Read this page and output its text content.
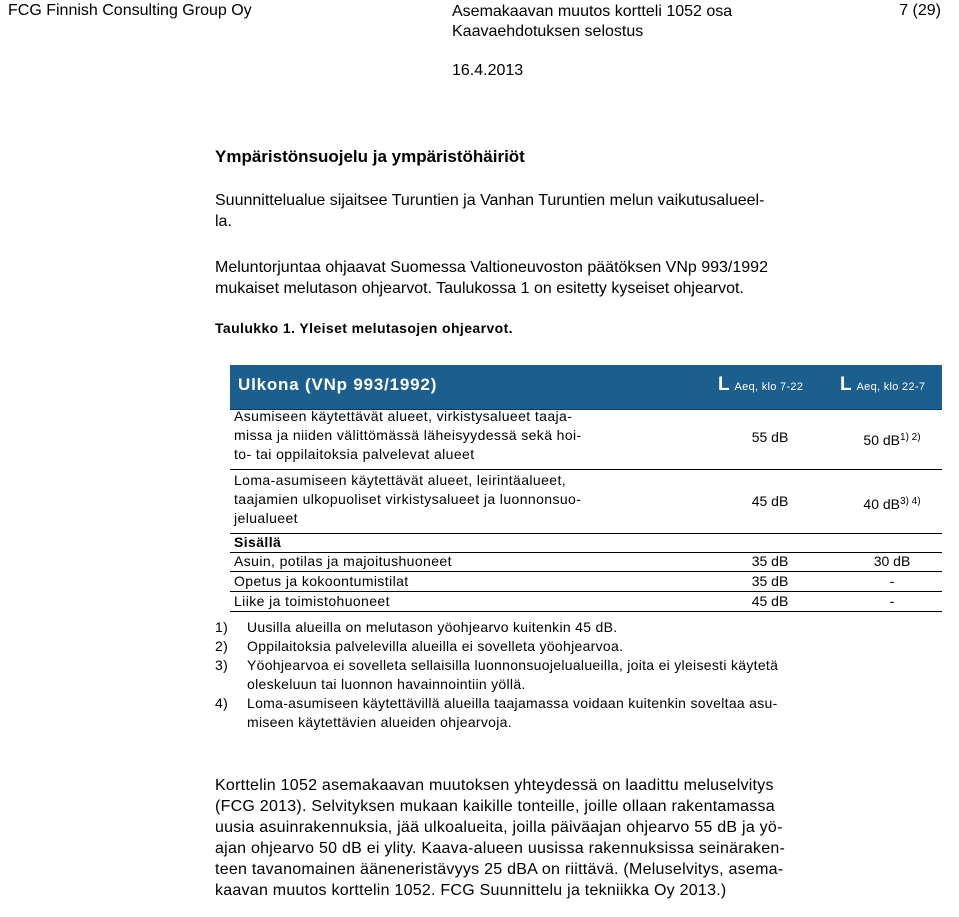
FCG Finnish Consulting Group Oy	Asemakaavan muutos kortteli 1052 osa
Kaavaehdotuksen selostus
7 (29)
16.4.2013
Ympäristönsuojelu ja ympäristöhäiriöt
Suunnittelualue sijaitsee Turuntien ja Vanhan Turuntien melun vaikutusalueel-
la.
Meluntorjuntaa ohjaavat Suomessa Valtioneuvoston päätöksen VNp 993/1992
mukaiset melutason ohjearvot. Taulukossa 1 on esitetty kyseiset ohjearvot.
Taulukko 1. Yleiset melutasojen ohjearvot.
Ulkona (VNp 993/1992)	L Aeq, klo 7-22 L Aeq, klo 22-7
Asumiseen käytettävät alueet, virkistysalueet taaja-
missa ja niiden välittömässä läheisyydessä sekä hoi-
to- tai oppilaitoksia palvelevat alueet
55 dB	50 $dB^{1) 2)}$
Loma-asumiseen käytettävät alueet, leirintäalueet,
taajamien ulkopuoliset virkistysalueet ja luonnonsuo-
jelualueet
45 dB	40 $dB^{3) 4)}$
Sisällä
Asuin, potilas ja majoitushuoneet	35 dB	30 dB
Opetus ja kokoontumistilat	35 dB	-
Liike ja toimistohuoneet	45 dB	-
1) Uusilla alueilla on melutason yöohjearvo kuitenkin 45 dB.
2) Oppilaitoksia palvelevilla alueilla ei sovelleta yöohjearvoa.
3) Yöohjearvoa ei sovelleta sellaisilla luonnonsuojelualueilla, joita ei yleisesti käytetä
oleskeluun tai luonnon havainnointiin yöllä.
4) Loma-asumiseen käytettävillä alueilla taajamassa voidaan kuitenkin soveltaa asu-
miseen käytettävien alueiden ohjearvoja.
Korttelin 1052 asemakaavan muutoksen yhteydessä on laadittu meluselvitys
(FCG 2013). Selvityksen mukaan kaikille tonteille, joille ollaan rakentamassa
uusia asuinrakennuksia, jää ulkoalueita, joilla päiväajan ohjearvo 55 dB ja yö-
ajan ohjearvo 50 dB ei ylity. Kaava-alueen uusissa rakennuksissa seinäraken-
teen tavanomainen ääneneristävyys 25 dBA on riittävä. (Meluselvitys, asema-
kaavan muutos korttelin 1052. FCG Suunnittelu ja tekniikka Oy 2013.)
